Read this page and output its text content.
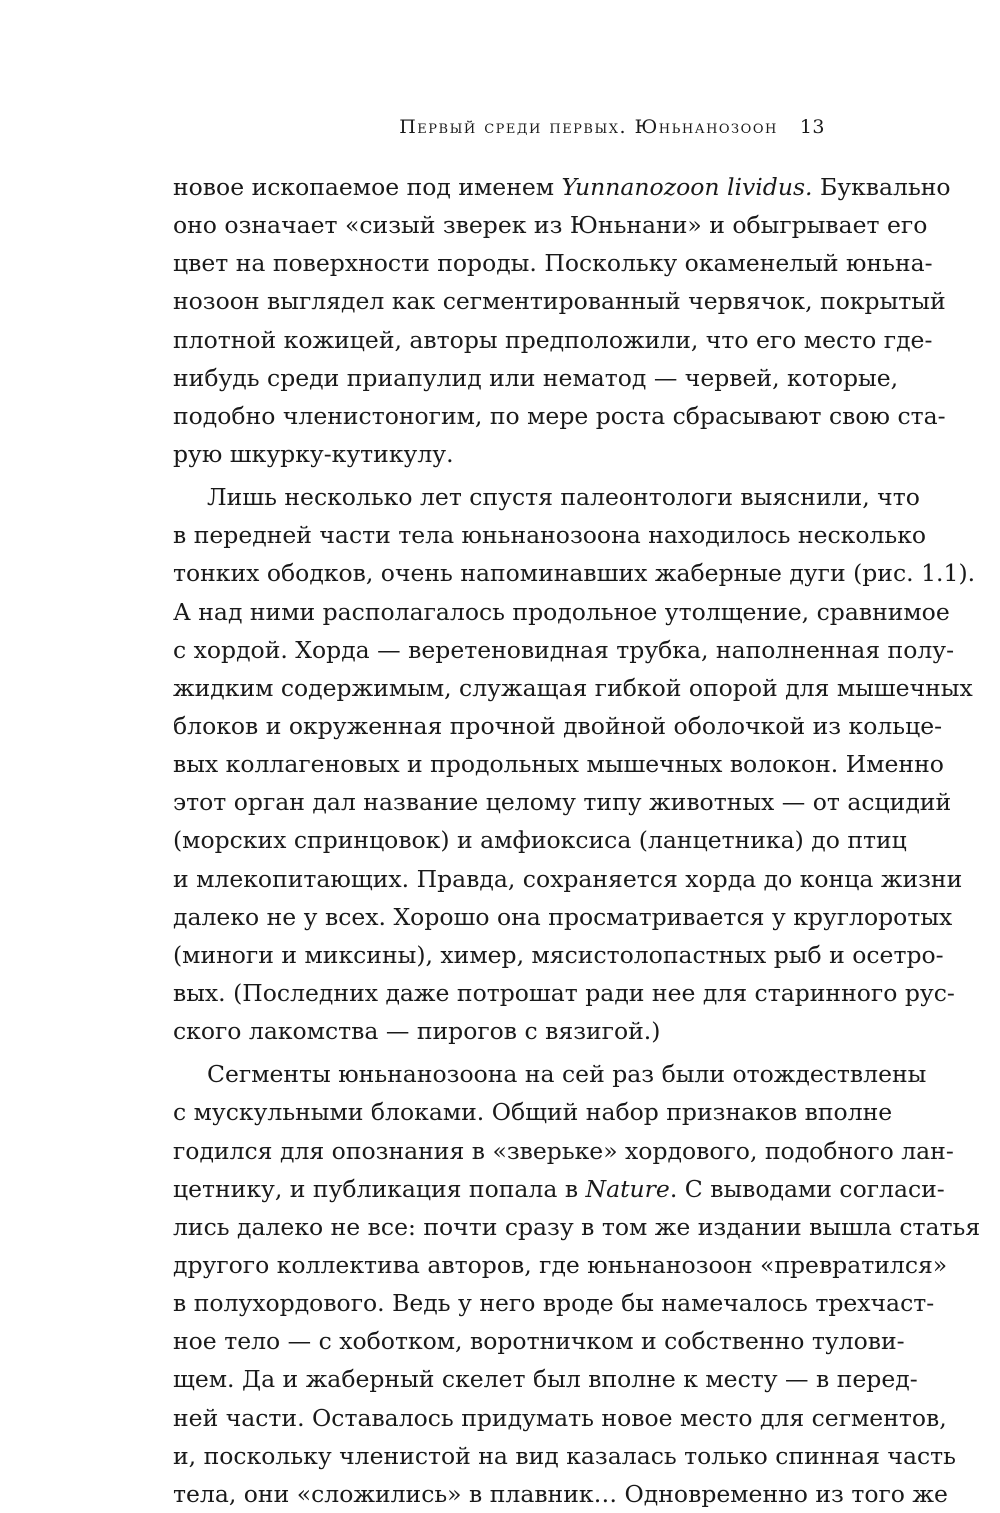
Первый среди первых. Юньнанозоон 13
новое ископаемое под именем Yunnanozoon lividus. Буквально
оно означает «сизый зверек из Юньнани» и обыгрывает его
цвет на поверхности породы. Поскольку окаменелый юньна-
нозоон выглядел как сегментированный червячок, покрытый
плотной кожицей, авторы предположили, что его место где-
нибудь среди приапулид или нематод — червей, которые,
подобно членистоногим, по мере роста сбрасывают свою ста-
рую шкурку-кутикулу.
Лишь несколько лет спустя палеонтологи выяснили, что
в передней части тела юньнанозоона находилось несколько
тонких ободков, очень напоминавших жаберные дуги (рис. 1.1).
А над ними располагалось продольное утолщение, сравнимое
с хордой. Хорда — веретеновидная трубка, наполненная полу-
жидким содержимым, служащая гибкой опорой для мышечных
блоков и окруженная прочной двойной оболочкой из кольце-
вых коллагеновых и продольных мышечных волокон. Именно
этот орган дал название целому типу животных — от асцидий
(морских спринцовок) и амфиоксиса (ланцетника) до птиц
и млекопитающих. Правда, сохраняется хорда до конца жизни
далеко не у всех. Хорошо она просматривается у круглоротых
(миноги и миксины), химер, мясистолопастных рыб и осетро-
вых. (Последних даже потрошат ради нее для старинного рус-
ского лакомства — пирогов с вязигой.)
Сегменты юньнанозоона на сей раз были отождествлены
с мускульными блоками. Общий набор признаков вполне
годился для опознания в «зверьке» хордового, подобного лан-
цетнику, и публикация попала в Nature. С выводами согласи-
лись далеко не все: почти сразу в том же издании вышла статья
другого коллектива авторов, где юньнанозоон «превратился»
в полухордового. Ведь у него вроде бы намечалось трехчаст-
ное тело — с хоботком, воротничком и собственно тулови-
щем. Да и жаберный скелет был вполне к месту — в перед-
ней части. Оставалось придумать новое место для сегментов,
и, поскольку членистой на вид казалась только спинная часть
тела, они «сложились» в плавник… Одновременно из того же
